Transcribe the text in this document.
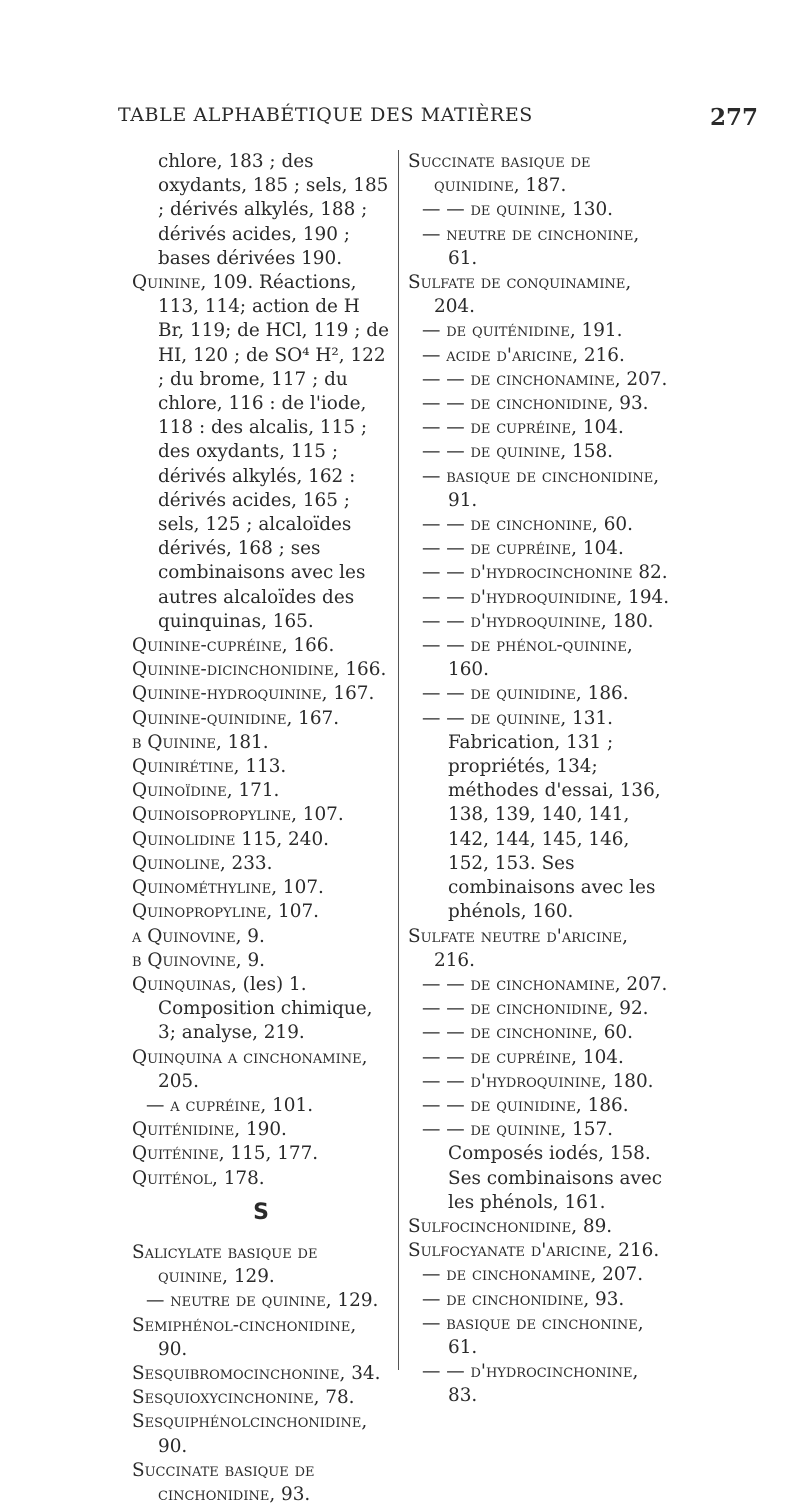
TABLE ALPHABÉTIQUE DES MATIÈRES	277

chlore, 183 ; des oxydants, 185 ; sels, 185 ; dérivés alkylés, 188 ; dérivés acides, 190 ; bases dérivées 190.

Quinine, 109. Réactions, 113, 114; action de H Br, 119; de HCl, 119 ; de HI, 120 ; de SO⁴ H², 122 ; du brome, 117 ; du chlore, 116 : de l'iode, 118 : des alcalis, 115 ; des oxydants, 115 ; dérivés alkylés, 162 : dérivés acides, 165 ; sels, 125 ; alcaloïdes dérivés, 168 ; ses combinaisons avec les autres alcaloïdes des quinquinas, 165.

Quinine-cupréine, 166.

Quinine-dicinchonidine, 166.

Quinine-hydroquinine, 167.

Quinine-quinidine, 167.

β Quinine, 181.

Quinirétine, 113.

Quinoïdine, 171.

Quinoisopropyline, 107.

Quinolidine 115, 240.

Quinoline, 233.

Quinométhyline, 107.

Quinopropyline, 107.

α Quinovine, 9.

β Quinovine, 9.

Quinquinas, (les) 1. Composition chimique, 3; analyse, 219.

Quinquina a cinchonamine, 205.

— a cupréine, 101.

Quiténidine, 190.

Quiténine, 115, 177.

Quiténol, 178.

S

Salicylate basique de quinine, 129.

— neutre de quinine, 129.

Semiphénol-cinchonidine, 90.

Sesquibromocinchonine, 34.

Sesquioxycinchonine, 78.

Sesquiphénolcinchonidine, 90.

Succinate basique de cinchonidine, 93.

Succinate basique de quinidine, 187.

— — de quinine, 130.

— neutre de cinchonine, 61.

Sulfate de conquinamine, 204.

— de quiténidine, 191.

— acide d'aricine, 216.

— — de cinchonamine, 207.

— — de cinchonidine, 93.

— — de cupréine, 104.

— — de quinine, 158.

— basique de cinchonidine, 91.

— — de cinchonine, 60.

— — de cupréine, 104.

— — d'hydrocinchonine 82.

— — d'hydroquinidine, 194.

— — d'hydroquinine, 180.

— — de phénol-quinine, 160.

— — de quinidine, 186.

— — de quinine, 131. Fabrication, 131 ; propriétés, 134; méthodes d'essai, 136, 138, 139, 140, 141, 142, 144, 145, 146, 152, 153. Ses combinaisons avec les phénols, 160.

Sulfate neutre d'aricine, 216.

— — de cinchonamine, 207.

— — de cinchonidine, 92.

— — de cinchonine, 60.

— — de cupréine, 104.

— — d'hydroquinine, 180.

— — de quinidine, 186.

— — de quinine, 157. Composés iodés, 158. Ses combinaisons avec les phénols, 161.

Sulfocinchonidine, 89.

Sulfocyanate d'aricine, 216.

— de cinchonamine, 207.

— de cinchonidine, 93.

— basique de cinchonine, 61.

— — d'hydrocinchonine, 83.
